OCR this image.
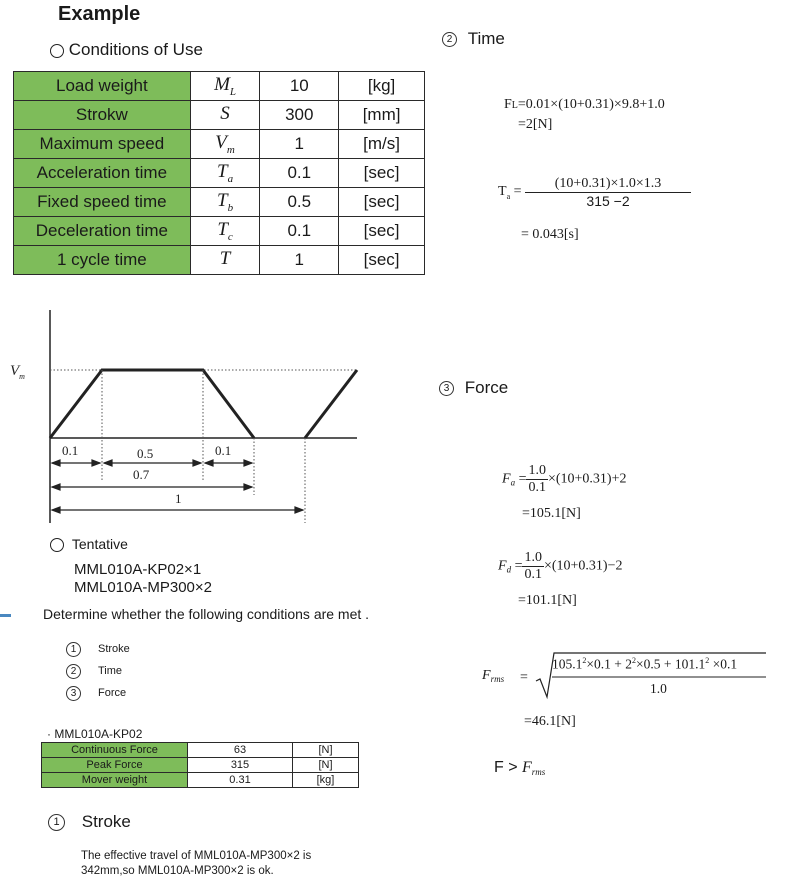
Example
Conditions of Use
Load weight	$M_L$	10	[kg]
Strokw	S	300	[mm]
Maximum speed	$V_m$	1	[m/s]
Acceleration time	$T_a$	0.1	[sec]
Fixed speed time	$T_b$	0.5	[sec]
Deceleration time	$T_c$	0.1	[sec]
1 cycle time	T	1	[sec]
$V_m$
0.1	0.5	0.1
0.7
1
Tentative
MML010A-KP02×1
MML010A-MP300×2
Determine whether the following conditions are met .
1 Stroke
2 Time
3 Force
· MML010A-KP02
Continuous Force	63	[N]
Peak Force	315	[N]
Mover weight	0.31	[kg]
1 Stroke
The effective travel of MML010A-MP300×2 is
342mm,so MML010A-MP300×2 is ok.
2 Time
FL=0.01×(10+0.31)×9.8+1.0
=2[N]
$T_a = \frac{(10+0.31)\times 1.0\times 1.3}{315 -2}$
= 0.043[s]
3 Force
$F_a = \frac{1.0}{0.1} \times(10+0.31)+2$
=105.1[N]
$F_d = \frac{1.0}{0.1} \times(10+0.31)-2$
=101.1[N]
$F_{rms}$ =
$105.1^2\times 0.1 + 2^2\times 0.5 + 101.1^2 \times 0.1$
1.0
=46.1[N]
$F > F_{rms}$
